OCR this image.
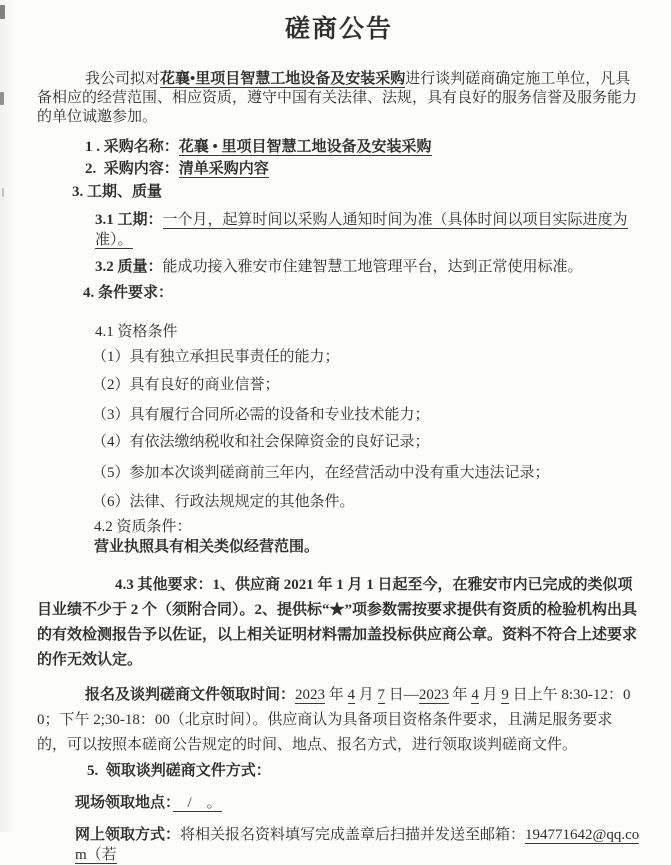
磋商公告

我公司拟对花襄•里项目智慧工地设备及安装采购进行谈判磋商确定施工单位，凡具备相应的经营范围、相应资质，遵守中国有关法律、法规，具有良好的服务信誉及服务能力的单位诚邀参加。

1 . 采购名称：花襄 • 里项目智慧工地设备及安装采购

2.  采购内容：清单采购内容

3. 工期、质量

3.1 工期：一个月，起算时间以采购人通知时间为准（具体时间以项目实际进度为准）。

3.2 质量：能成功接入雅安市住建智慧工地管理平台，达到正常使用标准。

4. 条件要求：

4.1 资格条件

（1）具有独立承担民事责任的能力；

（2）具有良好的商业信誉；

（3）具有履行合同所必需的设备和专业技术能力；

（4）有依法缴纳税收和社会保障资金的良好记录；

（5）参加本次谈判磋商前三年内，在经营活动中没有重大违法记录；

（6）法律、行政法规规定的其他条件。

4.2 资质条件：

营业执照具有相关类似经营范围。

4.3 其他要求：1、供应商 2021 年 1 月 1 日起至今，在雅安市内已完成的类似项目业绩不少于 2 个（须附合同）。2、提供标“★”项参数需按要求提供有资质的检验机构出具的有效检测报告予以佐证，以上相关证明材料需加盖投标供应商公章。资料不符合上述要求的作无效认定。

报名及谈判磋商文件领取时间：2023 年 4 月 7 日—2023 年 4 月 9 日上午 8:30-12：00；下午 2;30-18：00（北京时间）。供应商认为具备项目资格条件要求，且满足服务要求的，可以按照本磋商公告规定的时间、地点、报名方式，进行领取谈判磋商文件。

5.  领取谈判磋商文件方式：

现场领取地点：　/　。

网上领取方式：将相关报名资料填写完成盖章后扫描并发送至邮箱：194771642@qq.com（若
